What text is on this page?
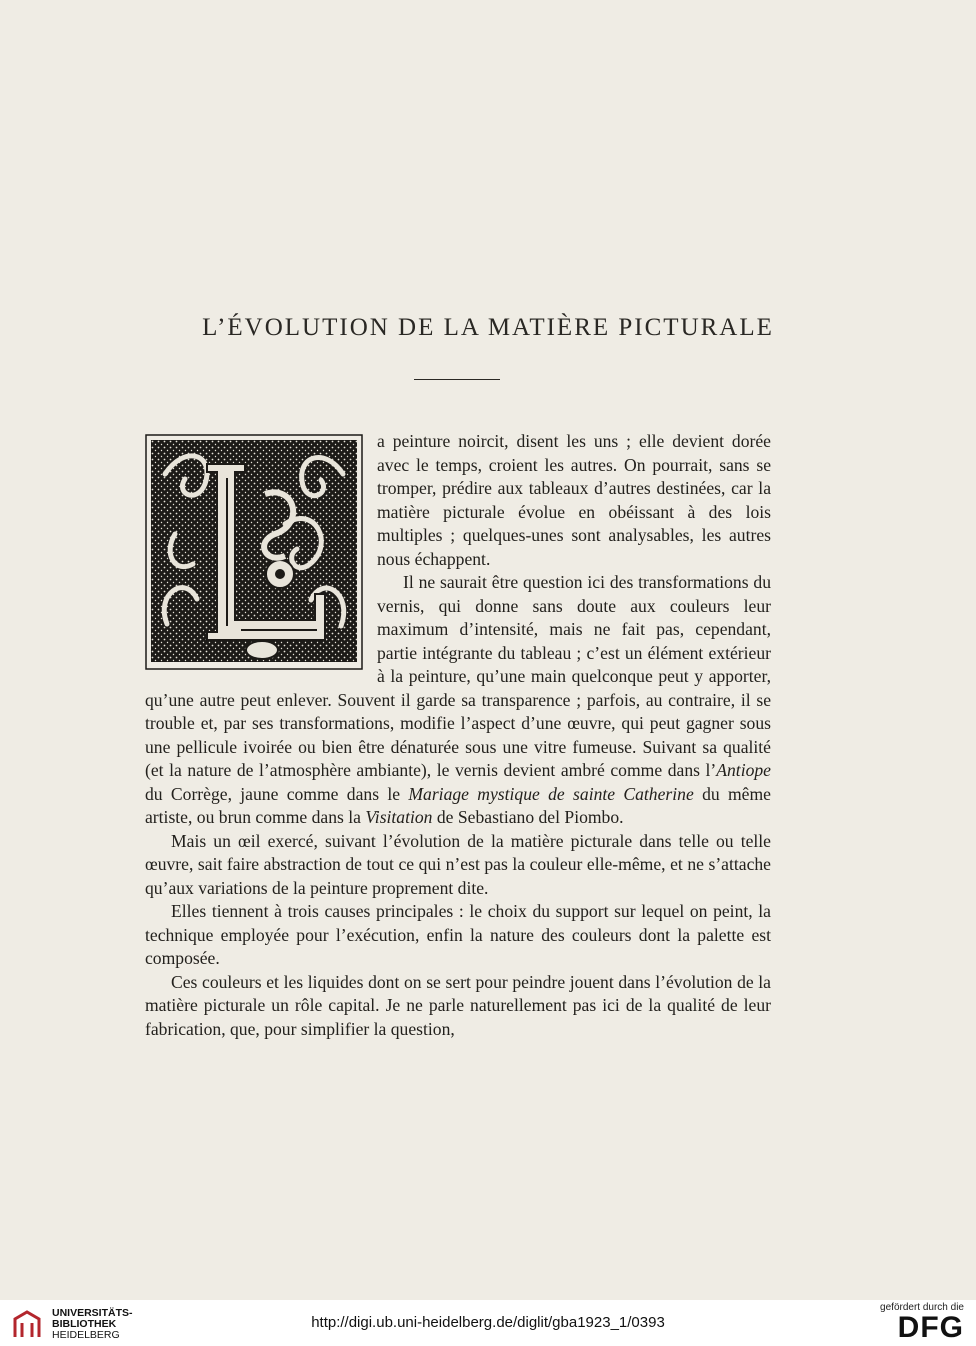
L’ÉVOLUTION DE LA MATIÈRE PICTURALE

a peinture noircit, disent les uns ; elle devient dorée avec le temps, croient les autres. On pourrait, sans se tromper, prédire aux tableaux d’autres destinées, car la matière picturale évolue en obéissant à des lois multiples ; quelques-unes sont analysables, les autres nous échappent.

Il ne saurait être question ici des transformations du vernis, qui donne sans doute aux couleurs leur maximum d’intensité, mais ne fait pas, cependant, partie intégrante du tableau ; c’est un élément extérieur à la peinture, qu’une main quelconque peut y apporter, qu’une autre peut enlever. Souvent il garde sa transparence ; parfois, au contraire, il se trouble et, par ses transformations, modifie l’aspect d’une œuvre, qui peut gagner sous une pellicule ivoirée ou bien être dénaturée sous une vitre fumeuse. Suivant sa qualité (et la nature de l’atmosphère ambiante), le vernis devient ambré comme dans l’Antiope du Corrège, jaune comme dans le Mariage mystique de sainte Catherine du même artiste, ou brun comme dans la Visitation de Sebastiano del Piombo.

Mais un œil exercé, suivant l’évolution de la matière picturale dans telle ou telle œuvre, sait faire abstraction de tout ce qui n’est pas la couleur elle-même, et ne s’attache qu’aux variations de la peinture proprement dite.

Elles tiennent à trois causes principales : le choix du support sur lequel on peint, la technique employée pour l’exécution, enfin la nature des couleurs dont la palette est composée.

Ces couleurs et les liquides dont on se sert pour peindre jouent dans l’évolution de la matière picturale un rôle capital. Je ne parle naturellement pas ici de la qualité de leur fabrication, que, pour simplifier la question,

UNIVERSITÄTS-
BIBLIOTHEK
HEIDELBERG
http://digi.ub.uni-heidelberg.de/diglit/gba1923_1/0393
gefördert durch die
DFG
